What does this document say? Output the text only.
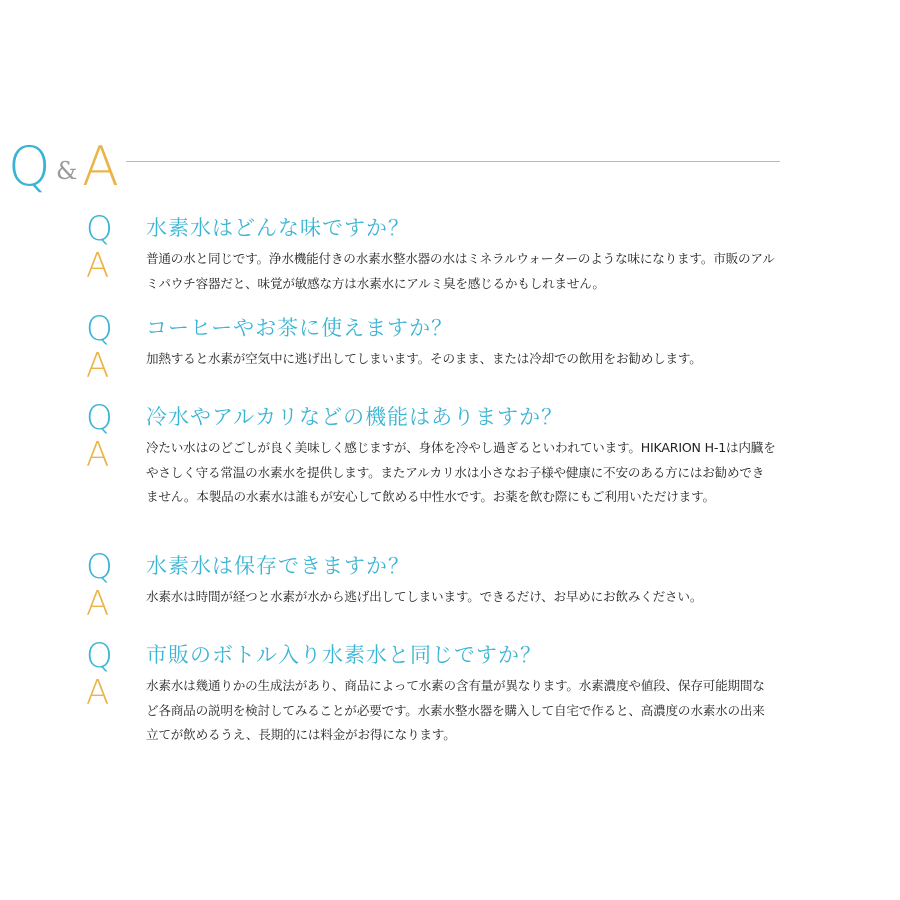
Q & A
Q 水素水はどんな味ですか？
A	普通の水と同じです。浄水機能付きの水素水整水器の水はミネラルウォーターのような味になります。市販のアルミパウチ容器だと、味覚が敏感な方は水素水にアルミ臭を感じるかもしれません。
Q コーヒーやお茶に使えますか？
A	加熱すると水素が空気中に逃げ出してしまいます。そのまま、または冷却での飲用をお勧めします。
Q 冷水やアルカリなどの機能はありますか？
A	冷たい水はのどごしが良く美味しく感じますが、身体を冷やし過ぎるといわれています。HIKARION H-1は内臓をやさしく守る常温の水素水を提供します。またアルカリ水は小さなお子様や健康に不安のある方にはお勧めできません。本製品の水素水は誰もが安心して飲める中性水です。お薬を飲む際にもご利用いただけます。
Q 水素水は保存できますか？
A	水素水は時間が経つと水素が水から逃げ出してしまいます。できるだけ、お早めにお飲みください。
Q 市販のボトル入り水素水と同じですか？
A	水素水は幾通りかの生成法があり、商品によって水素の含有量が異なります。水素濃度や値段、保存可能期間など各商品の説明を検討してみることが必要です。水素水整水器を購入して自宅で作ると、高濃度の水素水の出来立てが飲めるうえ、長期的には料金がお得になります。
